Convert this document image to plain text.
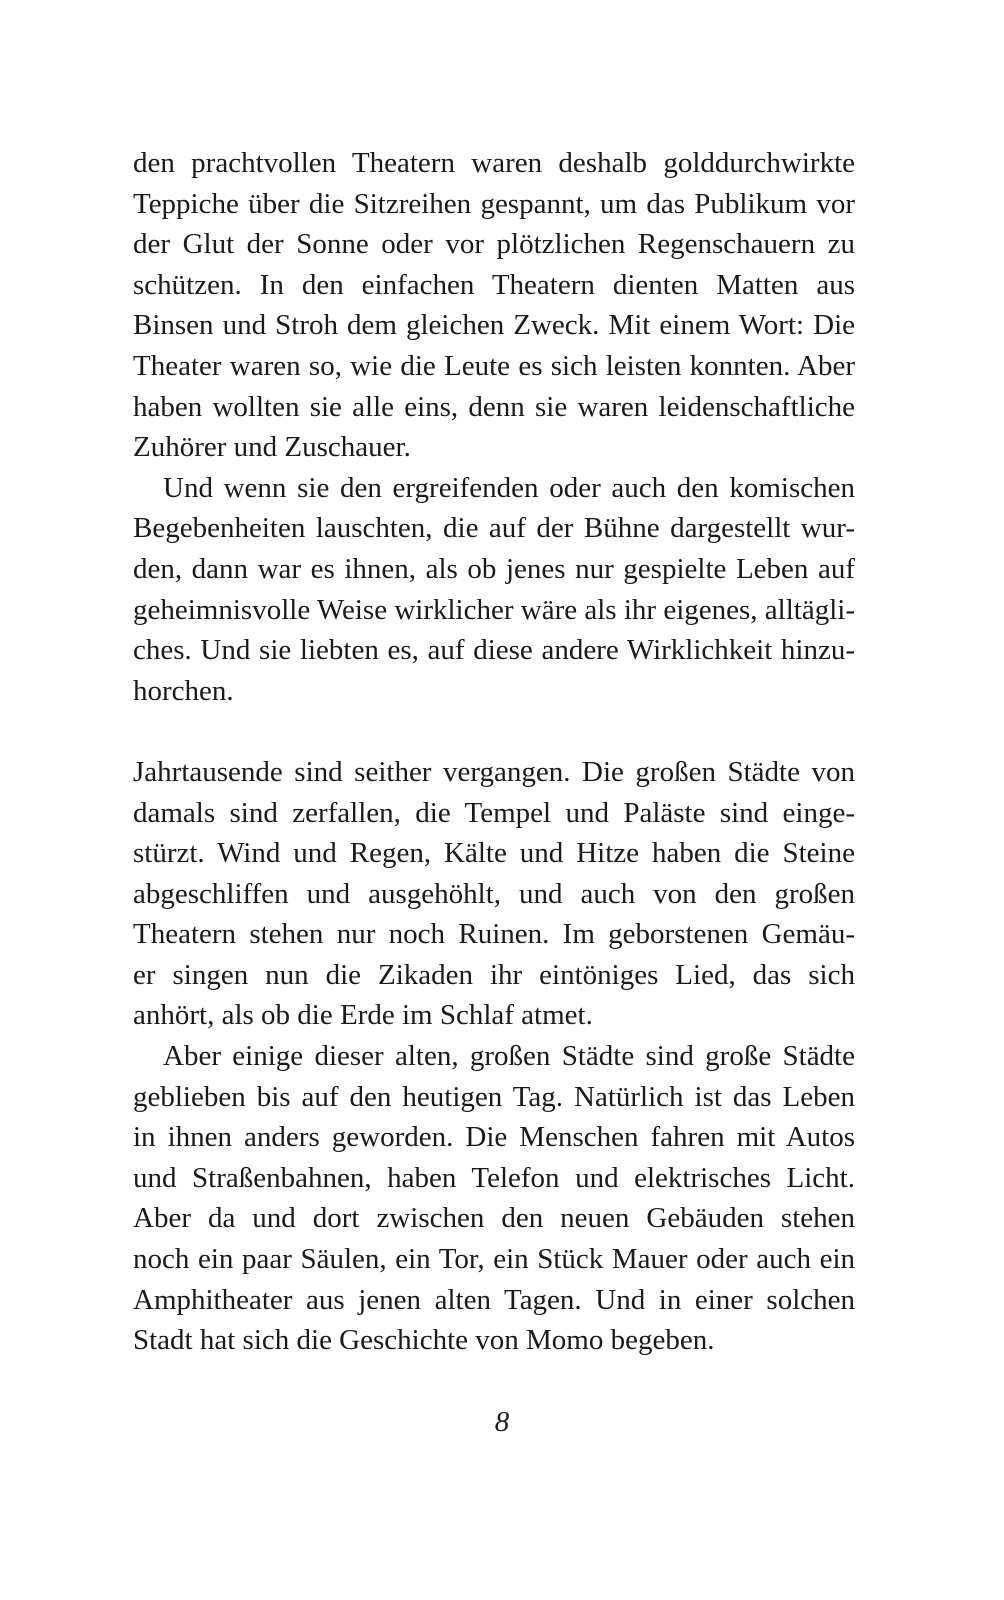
den prachtvollen Theatern waren deshalb golddurchwirkte
Teppiche über die Sitzreihen gespannt, um das Publikum vor
der Glut der Sonne oder vor plötzlichen Regenschauern zu
schützen. In den einfachen Theatern dienten Matten aus
Binsen und Stroh dem gleichen Zweck. Mit einem Wort: Die
Theater waren so, wie die Leute es sich leisten konnten. Aber
haben wollten sie alle eins, denn sie waren leidenschaftliche
Zuhörer und Zuschauer.
Und wenn sie den ergreifenden oder auch den komischen
Begebenheiten lauschten, die auf der Bühne dargestellt wur-
den, dann war es ihnen, als ob jenes nur gespielte Leben auf
geheimnisvolle Weise wirklicher wäre als ihr eigenes, alltägli-
ches. Und sie liebten es, auf diese andere Wirklichkeit hinzu-
horchen.
Jahrtausende sind seither vergangen. Die großen Städte von
damals sind zerfallen, die Tempel und Paläste sind einge-
stürzt. Wind und Regen, Kälte und Hitze haben die Steine
abgeschliffen und ausgehöhlt, und auch von den großen
Theatern stehen nur noch Ruinen. Im geborstenen Gemäu-
er singen nun die Zikaden ihr eintöniges Lied, das sich
anhört, als ob die Erde im Schlaf atmet.
Aber einige dieser alten, großen Städte sind große Städte
geblieben bis auf den heutigen Tag. Natürlich ist das Leben
in ihnen anders geworden. Die Menschen fahren mit Autos
und Straßenbahnen, haben Telefon und elektrisches Licht.
Aber da und dort zwischen den neuen Gebäuden stehen
noch ein paar Säulen, ein Tor, ein Stück Mauer oder auch ein
Amphitheater aus jenen alten Tagen. Und in einer solchen
Stadt hat sich die Geschichte von Momo begeben.
8
